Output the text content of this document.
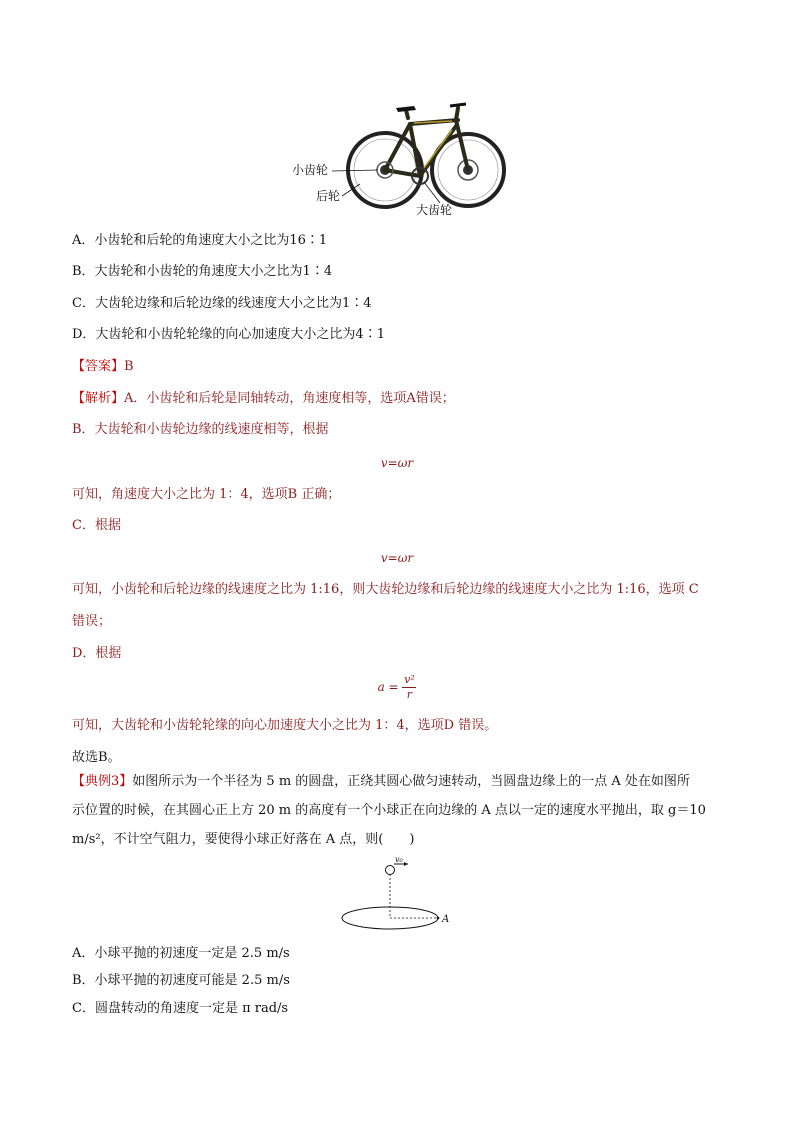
小齿轮
后轮
大齿轮
A．小齿轮和后轮的角速度大小之比为16∶1
B．大齿轮和小齿轮的角速度大小之比为1∶4
C．大齿轮边缘和后轮边缘的线速度大小之比为1∶4
D．大齿轮和小齿轮轮缘的向心加速度大小之比为4∶1
【答案】B
【解析】A．小齿轮和后轮是同轴转动，角速度相等，选项A错误；
B．大齿轮和小齿轮边缘的线速度相等，根据
v=ωr
可知，角速度大小之比为 1：4，选项B 正确；
C．根据
v=ωr
可知，小齿轮和后轮边缘的线速度之比为 1:16，则大齿轮边缘和后轮边缘的线速度大小之比为 1:16，选项 C
错误；
D．根据
$a = \frac{\text{v²}}{r}$
可知，大齿轮和小齿轮轮缘的向心加速度大小之比为 1：4，选项D 错误。
故选B。
【典例3】如图所示为一个半径为 5 m 的圆盘，正绕其圆心做匀速转动，当圆盘边缘上的一点 A 处在如图所
示位置的时候，在其圆心正上方 20 m 的高度有一个小球正在向边缘的 A 点以一定的速度水平抛出，取 g＝10
m/s²，不计空气阻力，要使得小球正好落在 A 点，则(　　)
v₀
A
A．小球平抛的初速度一定是 2.5 m/s
B．小球平抛的初速度可能是 2.5 m/s
C．圆盘转动的角速度一定是 π rad/s
